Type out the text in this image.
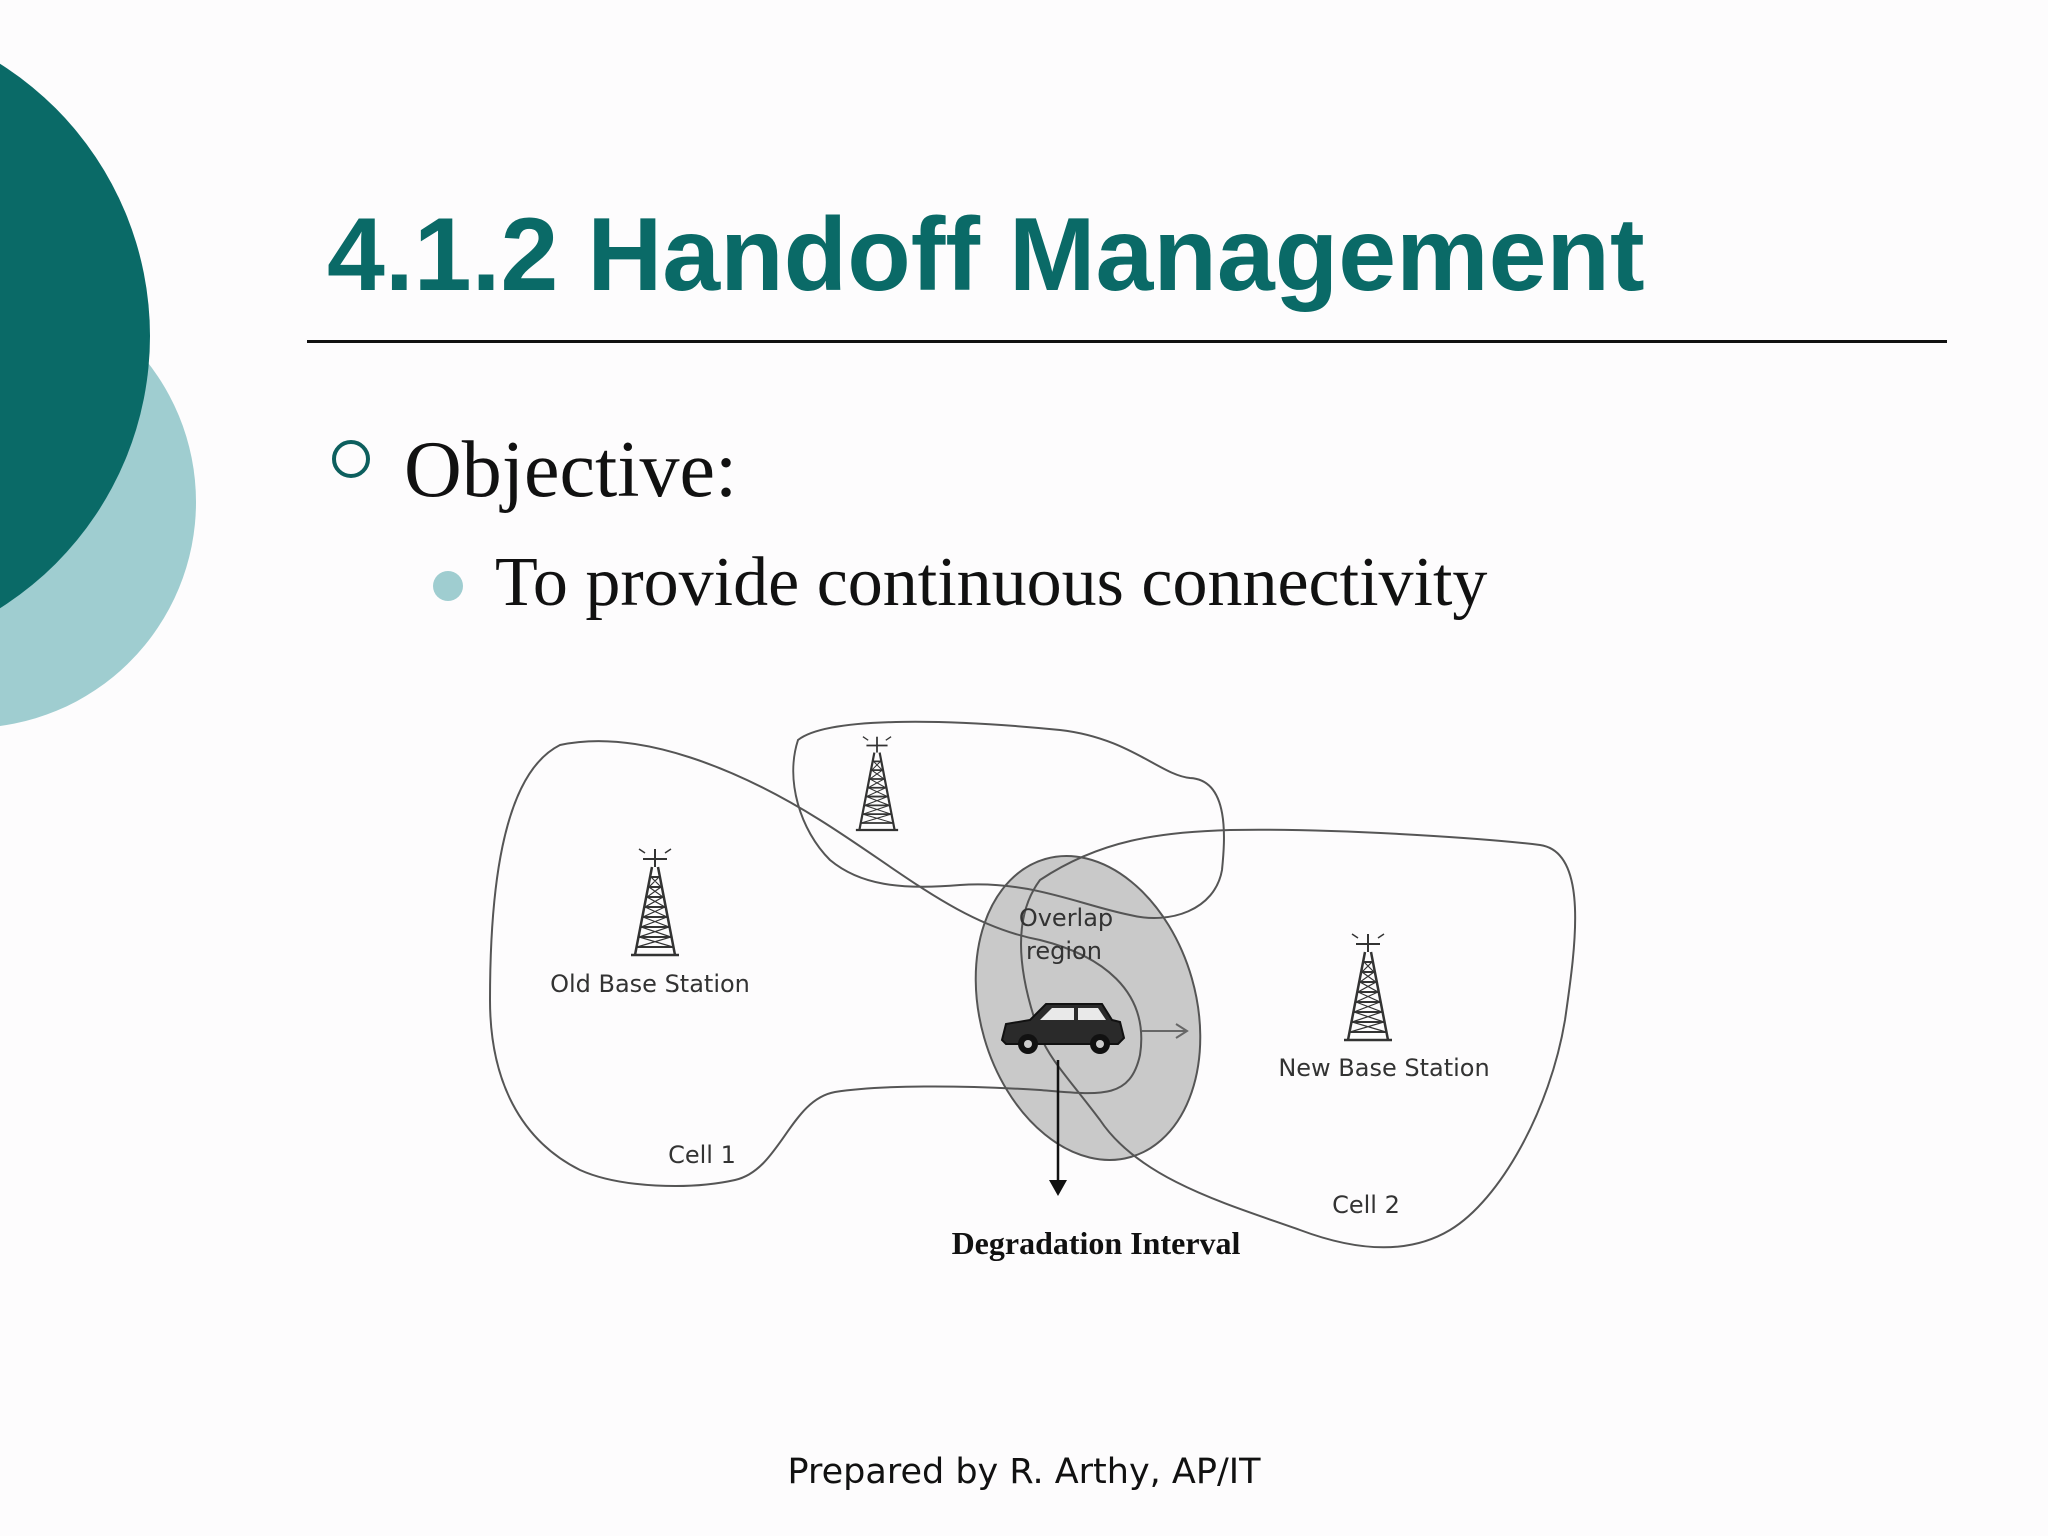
4.1.2 Handoff Management
Objective:
To provide continuous connectivity
Old Base Station
New Base Station
Overlap
region
Cell 1
Cell 2
Degradation Interval
Prepared by R. Arthy, AP/IT
